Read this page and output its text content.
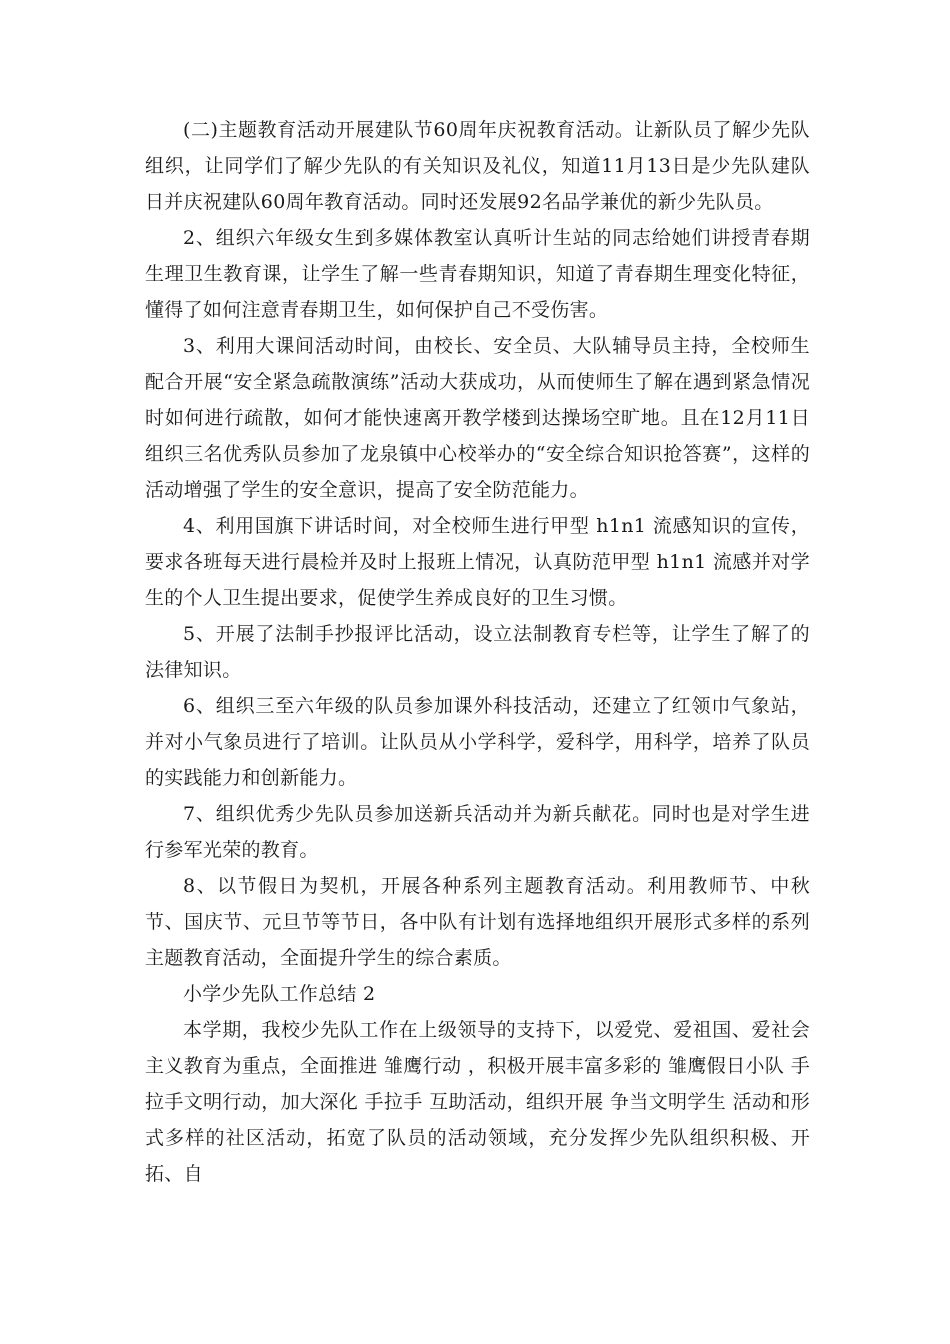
(二)主题教育活动开展建队节60周年庆祝教育活动。让新队员了解少先队组织，让同学们了解少先队的有关知识及礼仪，知道11月13日是少先队建队日并庆祝建队60周年教育活动。同时还发展92名品学兼优的新少先队员。

2、组织六年级女生到多媒体教室认真听计生站的同志给她们讲授青春期生理卫生教育课，让学生了解一些青春期知识，知道了青春期生理变化特征，懂得了如何注意青春期卫生，如何保护自己不受伤害。

3、利用大课间活动时间，由校长、安全员、大队辅导员主持，全校师生配合开展“安全紧急疏散演练”活动大获成功，从而使师生了解在遇到紧急情况时如何进行疏散，如何才能快速离开教学楼到达操场空旷地。且在12月11日组织三名优秀队员参加了龙泉镇中心校举办的“安全综合知识抢答赛”，这样的活动增强了学生的安全意识，提高了安全防范能力。

4、利用国旗下讲话时间，对全校师生进行甲型 h1n1 流感知识的宣传，要求各班每天进行晨检并及时上报班上情况，认真防范甲型 h1n1 流感并对学生的个人卫生提出要求，促使学生养成良好的卫生习惯。

5、开展了法制手抄报评比活动，设立法制教育专栏等，让学生了解了的法律知识。

6、组织三至六年级的队员参加课外科技活动，还建立了红领巾气象站，并对小气象员进行了培训。让队员从小学科学，爱科学，用科学，培养了队员的实践能力和创新能力。

7、组织优秀少先队员参加送新兵活动并为新兵献花。同时也是对学生进行参军光荣的教育。

8、以节假日为契机，开展各种系列主题教育活动。利用教师节、中秋节、国庆节、元旦节等节日，各中队有计划有选择地组织开展形式多样的系列主题教育活动，全面提升学生的综合素质。

小学少先队工作总结 2

本学期，我校少先队工作在上级领导的支持下，以爱党、爱祖国、爱社会主义教育为重点，全面推进 雏鹰行动 ，积极开展丰富多彩的 雏鹰假日小队 手拉手文明行动，加大深化 手拉手 互助活动，组织开展 争当文明学生 活动和形式多样的社区活动，拓宽了队员的活动领域，充分发挥少先队组织积极、开拓、自
